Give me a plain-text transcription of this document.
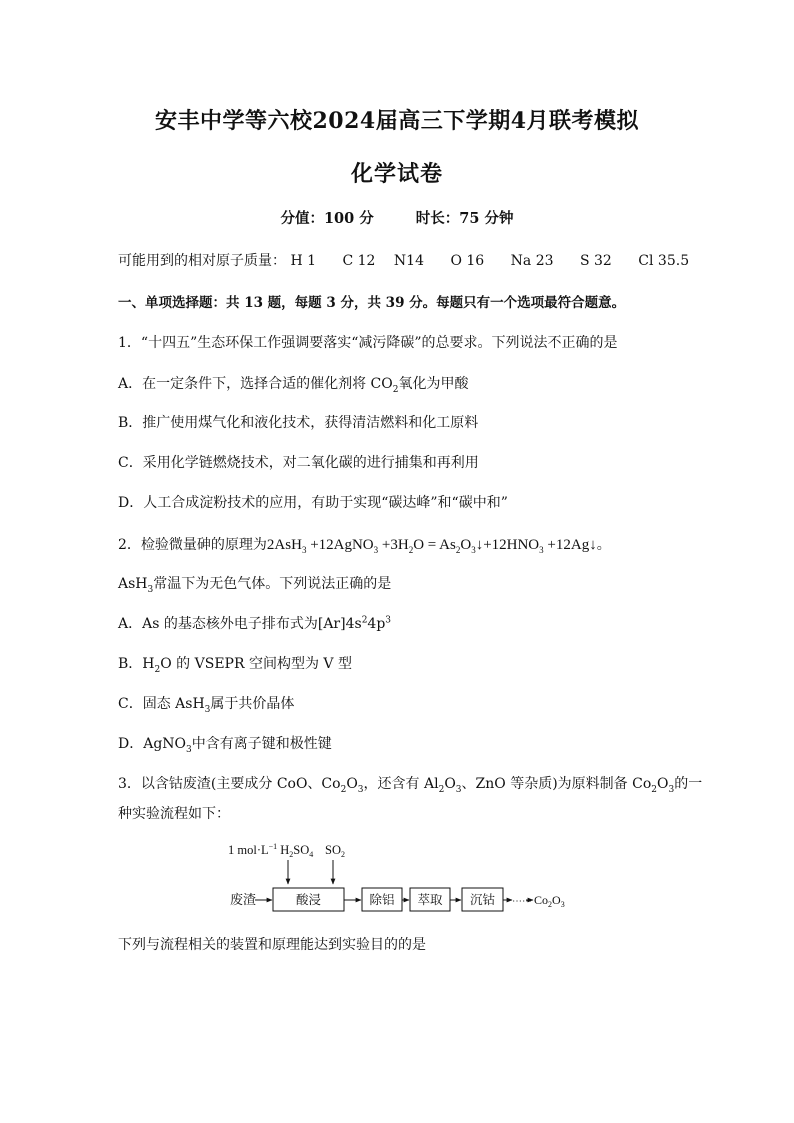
安丰中学等六校2024届高三下学期4月联考模拟
化学试卷
分值：100 分	时长：75 分钟
可能用到的相对原子质量： H 1 C 12 N14 O 16 Na 23 S 32 Cl 35.5
一、单项选择题：共 13 题，每题 3 分，共 39 分。每题只有一个选项最符合题意。
1．“十四五”生态环保工作强调要落实“减污降碳”的总要求。下列说法不正确的是
A．在一定条件下，选择合适的催化剂将 $CO_2$氧化为甲酸
B．推广使用煤气化和液化技术，获得清洁燃料和化工原料
C．采用化学链燃烧技术，对二氧化碳的进行捕集和再利用
D．人工合成淀粉技术的应用，有助于实现“碳达峰”和“碳中和”
2．检验微量砷的原理为2AsH$_3$ +12AgNO$_3$ $+3H_2O$ = $As_2O_3↓+12HNO_3$ +12Ag↓。
AsH$_3$常温下为无色气体。下列说法正确的是
A．As 的基态核外电子排布式为$[Ar]4s^24p^3$
B．$H_2O$ 的 VSEPR 空间构型为 V 型
C．固态 AsH$_3$属于共价晶体
D．AgNO$_3$中含有离子键和极性键
3．以含钴废渣(主要成分 CoO、$Co_2O_3$，还含有 $Al_2O_3$、ZnO 等杂质)为原料制备 $Co_2O_3$的一
种实验流程如下：
1 $mol\cdot L^{-1}$ $H_2SO_4$ $SO_2$
废渣	酸浸	除铝 萃取 沉钴 ⋯⋯ $Co_2O_3$
下列与流程相关的装置和原理能达到实验目的的是
